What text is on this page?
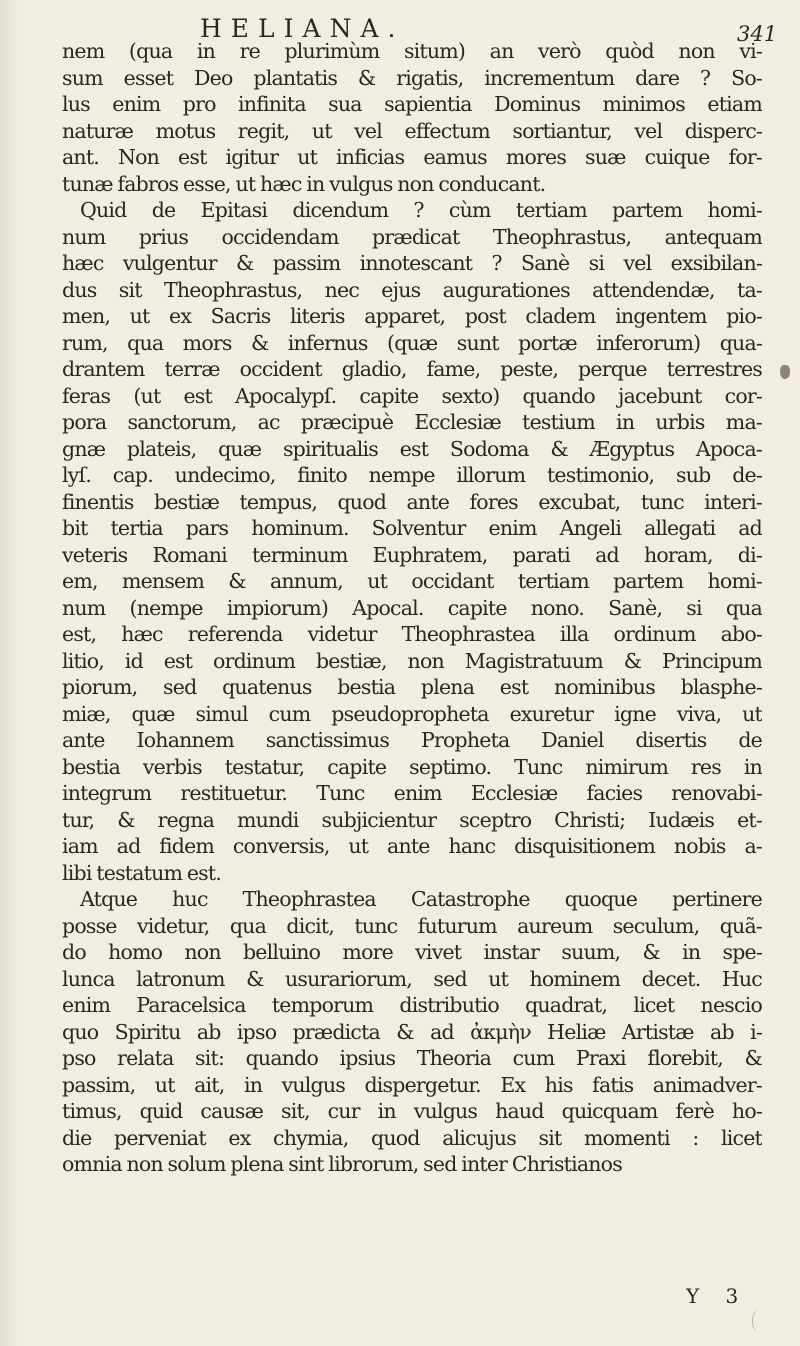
HELIANA.	341
nem (qua in re plurimùm situm) an verò quòd non vi-
sum esset Deo plantatis & rigatis, incrementum dare ? So-
lus enim pro infinita sua sapientia Dominus minimos etiam
naturæ motus regit, ut vel effectum sortiantur, vel disperc-
ant. Non est igitur ut inficias eamus mores suæ cuique for-
tunæ fabros esse, ut hæc in vulgus non conducant.
Quid de Epitasi dicendum ? cùm tertiam partem homi-
num prius occidendam prædicat Theophrastus, antequam
hæc vulgentur & passim innotescant ? Sanè si vel exsibilan-
dus sit Theophrastus, nec ejus augurationes attendendæ, ta-
men, ut ex Sacris literis apparet, post cladem ingentem pio-
rum, qua mors & infernus (quæ sunt portæ inferorum) qua-
drantem terræ occident gladio, fame, peste, perque terrestres
feras (ut est Apocalypſ. capite sexto) quando jacebunt cor-
pora sanctorum, ac præcipuè Ecclesiæ testium in urbis ma-
gnæ plateis, quæ spiritualis est Sodoma & Ægyptus Apoca-
lyſ. cap. undecimo, finito nempe illorum testimonio, sub de-
finentis bestiæ tempus, quod ante fores excubat, tunc interi-
bit tertia pars hominum. Solventur enim Angeli allegati ad
veteris Romani terminum Euphratem, parati ad horam, di-
em, mensem & annum, ut occidant tertiam partem homi-
num (nempe impiorum) Apocal. capite nono. Sanè, si qua
est, hæc referenda videtur Theophrastea illa ordinum abo-
litio, id est ordinum bestiæ, non Magistratuum & Principum
piorum, sed quatenus bestia plena est nominibus blasphe-
miæ, quæ simul cum pseudopropheta exuretur igne viva, ut
ante Iohannem sanctissimus Propheta Daniel disertis de
bestia verbis testatur, capite septimo. Tunc nimirum res in
integrum restituetur. Tunc enim Ecclesiæ facies renovabi-
tur, & regna mundi subjicientur sceptro Christi; Iudæis et-
iam ad fidem conversis, ut ante hanc disquisitionem nobis a-
libi testatum est.
Atque huc Theophrastea Catastrophe quoque pertinere
posse videtur, qua dicit, tunc futurum aureum seculum, quã-
do homo non belluino more vivet instar suum, & in spe-
lunca latronum & usurariorum, sed ut hominem decet. Huc
enim Paracelsica temporum distributio quadrat, licet nescio
quo Spiritu ab ipso prædicta & ad ἀκμὴν Heliæ Artistæ ab i-
pso relata sit: quando ipsius Theoria cum Praxi florebit, &
passim, ut ait, in vulgus dispergetur. Ex his fatis animadver-
timus, quid causæ sit, cur in vulgus haud quicquam ferè ho-
die perveniat ex chymia, quod alicujus sit momenti : licet
omnia non solum plena sint librorum, sed inter Christianos
Y 3
